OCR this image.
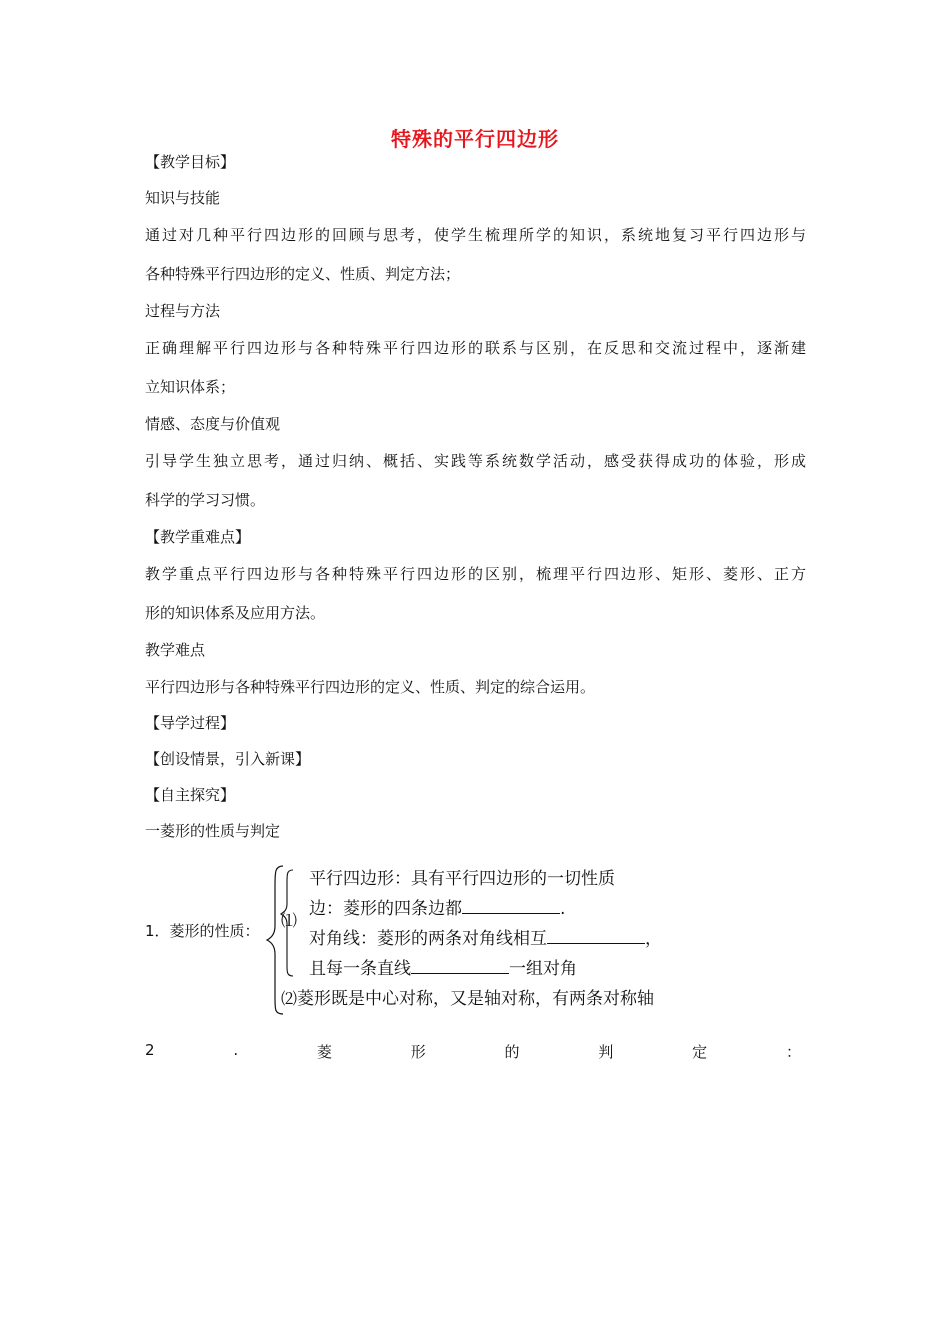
特殊的平行四边形
【教学目标】
知识与技能
通过对几种平行四边形的回顾与思考，使学生梳理所学的知识，系统地复习平行四边形与
各种特殊平行四边形的定义、性质、判定方法；
过程与方法
正确理解平行四边形与各种特殊平行四边形的联系与区别，在反思和交流过程中，逐渐建
立知识体系；
情感、态度与价值观
引导学生独立思考，通过归纳、概括、实践等系统数学活动，感受获得成功的体验，形成
科学的学习习惯。
【教学重难点】
教学重点平行四边形与各种特殊平行四边形的区别，梳理平行四边形、矩形、菱形、正方
形的知识体系及应用方法。
教学难点
平行四边形与各种特殊平行四边形的定义、性质、判定的综合运用。
【导学过程】
【创设情景，引入新课】
【自主探究】
一菱形的性质与判定
1．菱形的性质：
⑴
平行四边形：具有平行四边形的一切性质
边：菱形的四条边都	.
对角线：菱形的两条对角线相互	，
且每一条直线	一组对角
⑵菱形既是中心对称，又是轴对称，有两条对称轴
2	.	菱	形	的	判	定	：
